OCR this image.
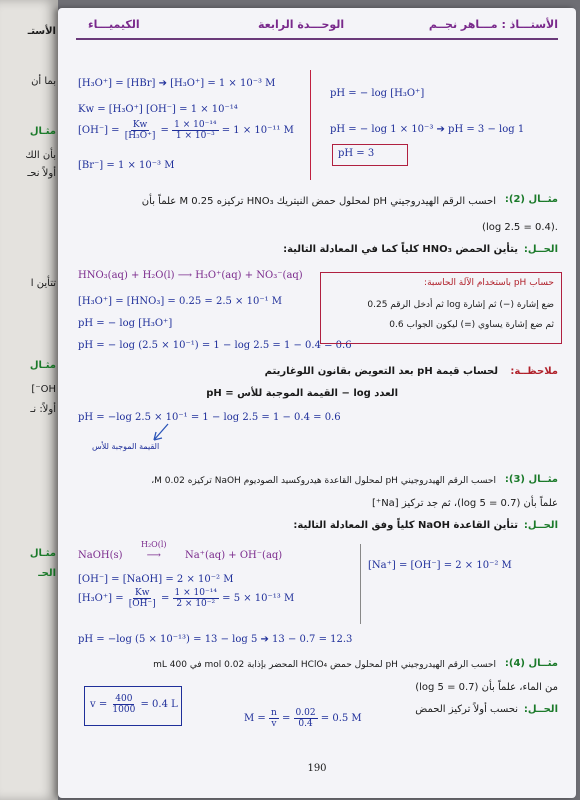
الأستـ
بما أن
مثـال
بأن الك
أولاً نحـ
تتأين ا
مثـال
OH⁻]
أولاً: نـ
مثـال
الحـ
الأستـــاذ : مـــاهر نجــم
الوحـــدة الرابعة
الكيميـــاء
[H₃O⁺] = [HBr] ➔ [H₃O⁺] = 1 × 10⁻³ M
Kw = [H₃O⁺] [OH⁻] = 1 × 10⁻¹⁴
$[OH^-] = \frac{Kw}{\text{[H₃O⁺]}} = \frac{\text{1 × 10⁻¹⁴}}{\text{1 × 10⁻³}} = 1 \times 10^{-11}$ M
[Br⁻] = 1 × 10⁻³ M
pH = − log [H₃O⁺]
pH = − log 1 × 10⁻³ ➔ pH = 3 − log 1
pH = 3
مثــال (2):
احسب الرقم الهيدروجيني pH لمحلول حمض النيتريك HNO₃ تركيزه 0.25 M علماً بأن
.(log 2.5 = 0.4)
الحــل:
يتأين الحمض HNO₃ كلياً كما في المعادلة التالية:
HNO₃(aq) + H₂O(l) ⟶ H₃O⁺(aq) + NO₃⁻(aq)
[H₃O⁺] = [HNO₃] = 0.25 = 2.5 × 10⁻¹ M
pH = − log [H₃O⁺]
pH = − log (2.5 × 10⁻¹) = 1 − log 2.5 = 1 − 0.4 = 0.6
حساب pH باستخدام الآلة الحاسبة:
ضع إشارة (−) ثم إشارة log ثم أدخل الرقم 0.25
ثم ضع إشارة يساوي (=) ليكون الجواب 0.6
ملاحظــة:
لحساب قيمة pH بعد التعويض بقانون اللوغاريتم
العدد log − القيمة الموجبة للأس = pH
pH = −log 2.5 × 10⁻¹ = 1 − log 2.5 = 1 − 0.4 = 0.6
القيمة الموجبة للأس
مثــال (3):
احسب الرقم الهيدروجيني pH لمحلول القاعدة هيدروكسيد الصوديوم NaOH تركيزه 0.02 M،
علماً بأن (log 5 = 0.7)، ثم جد تركيز [Na⁺]
الحــل:
تتأين القاعدة NaOH كلياً وفق المعادلة التالية:
NaOH(s)
H₂O(l)
⟶ Na⁺(aq) + OH⁻(aq)
[OH⁻] = [NaOH] = 2 × 10⁻² M
$[H_3O^+] = \frac{Kw}{[OH^-]} = \frac{\text{1 × 10⁻¹⁴}}{\text{2 × 10⁻²}} = 5 \times 10^{-13}$ M
pH = −log (5 × 10⁻¹³) = 13 − log 5 ➔ 13 − 0.7 = 12.3
[Na⁺] = [OH⁻] = 2 × 10⁻² M
مثــال (4):
احسب الرقم الهيدروجيني pH لمحلول حمض HClO₄ المحضر بإذابة 0.02 mol في 400 mL
من الماء، علماً بأن (log 5 = 0.7)
الحــل:
نحسب أولاً تركيز الحمض
$M = \frac{n}{v} = \frac{0.02}{0.4} = 0.5$ M
$v = \frac{400}{1000} = 0.4$ L
190
